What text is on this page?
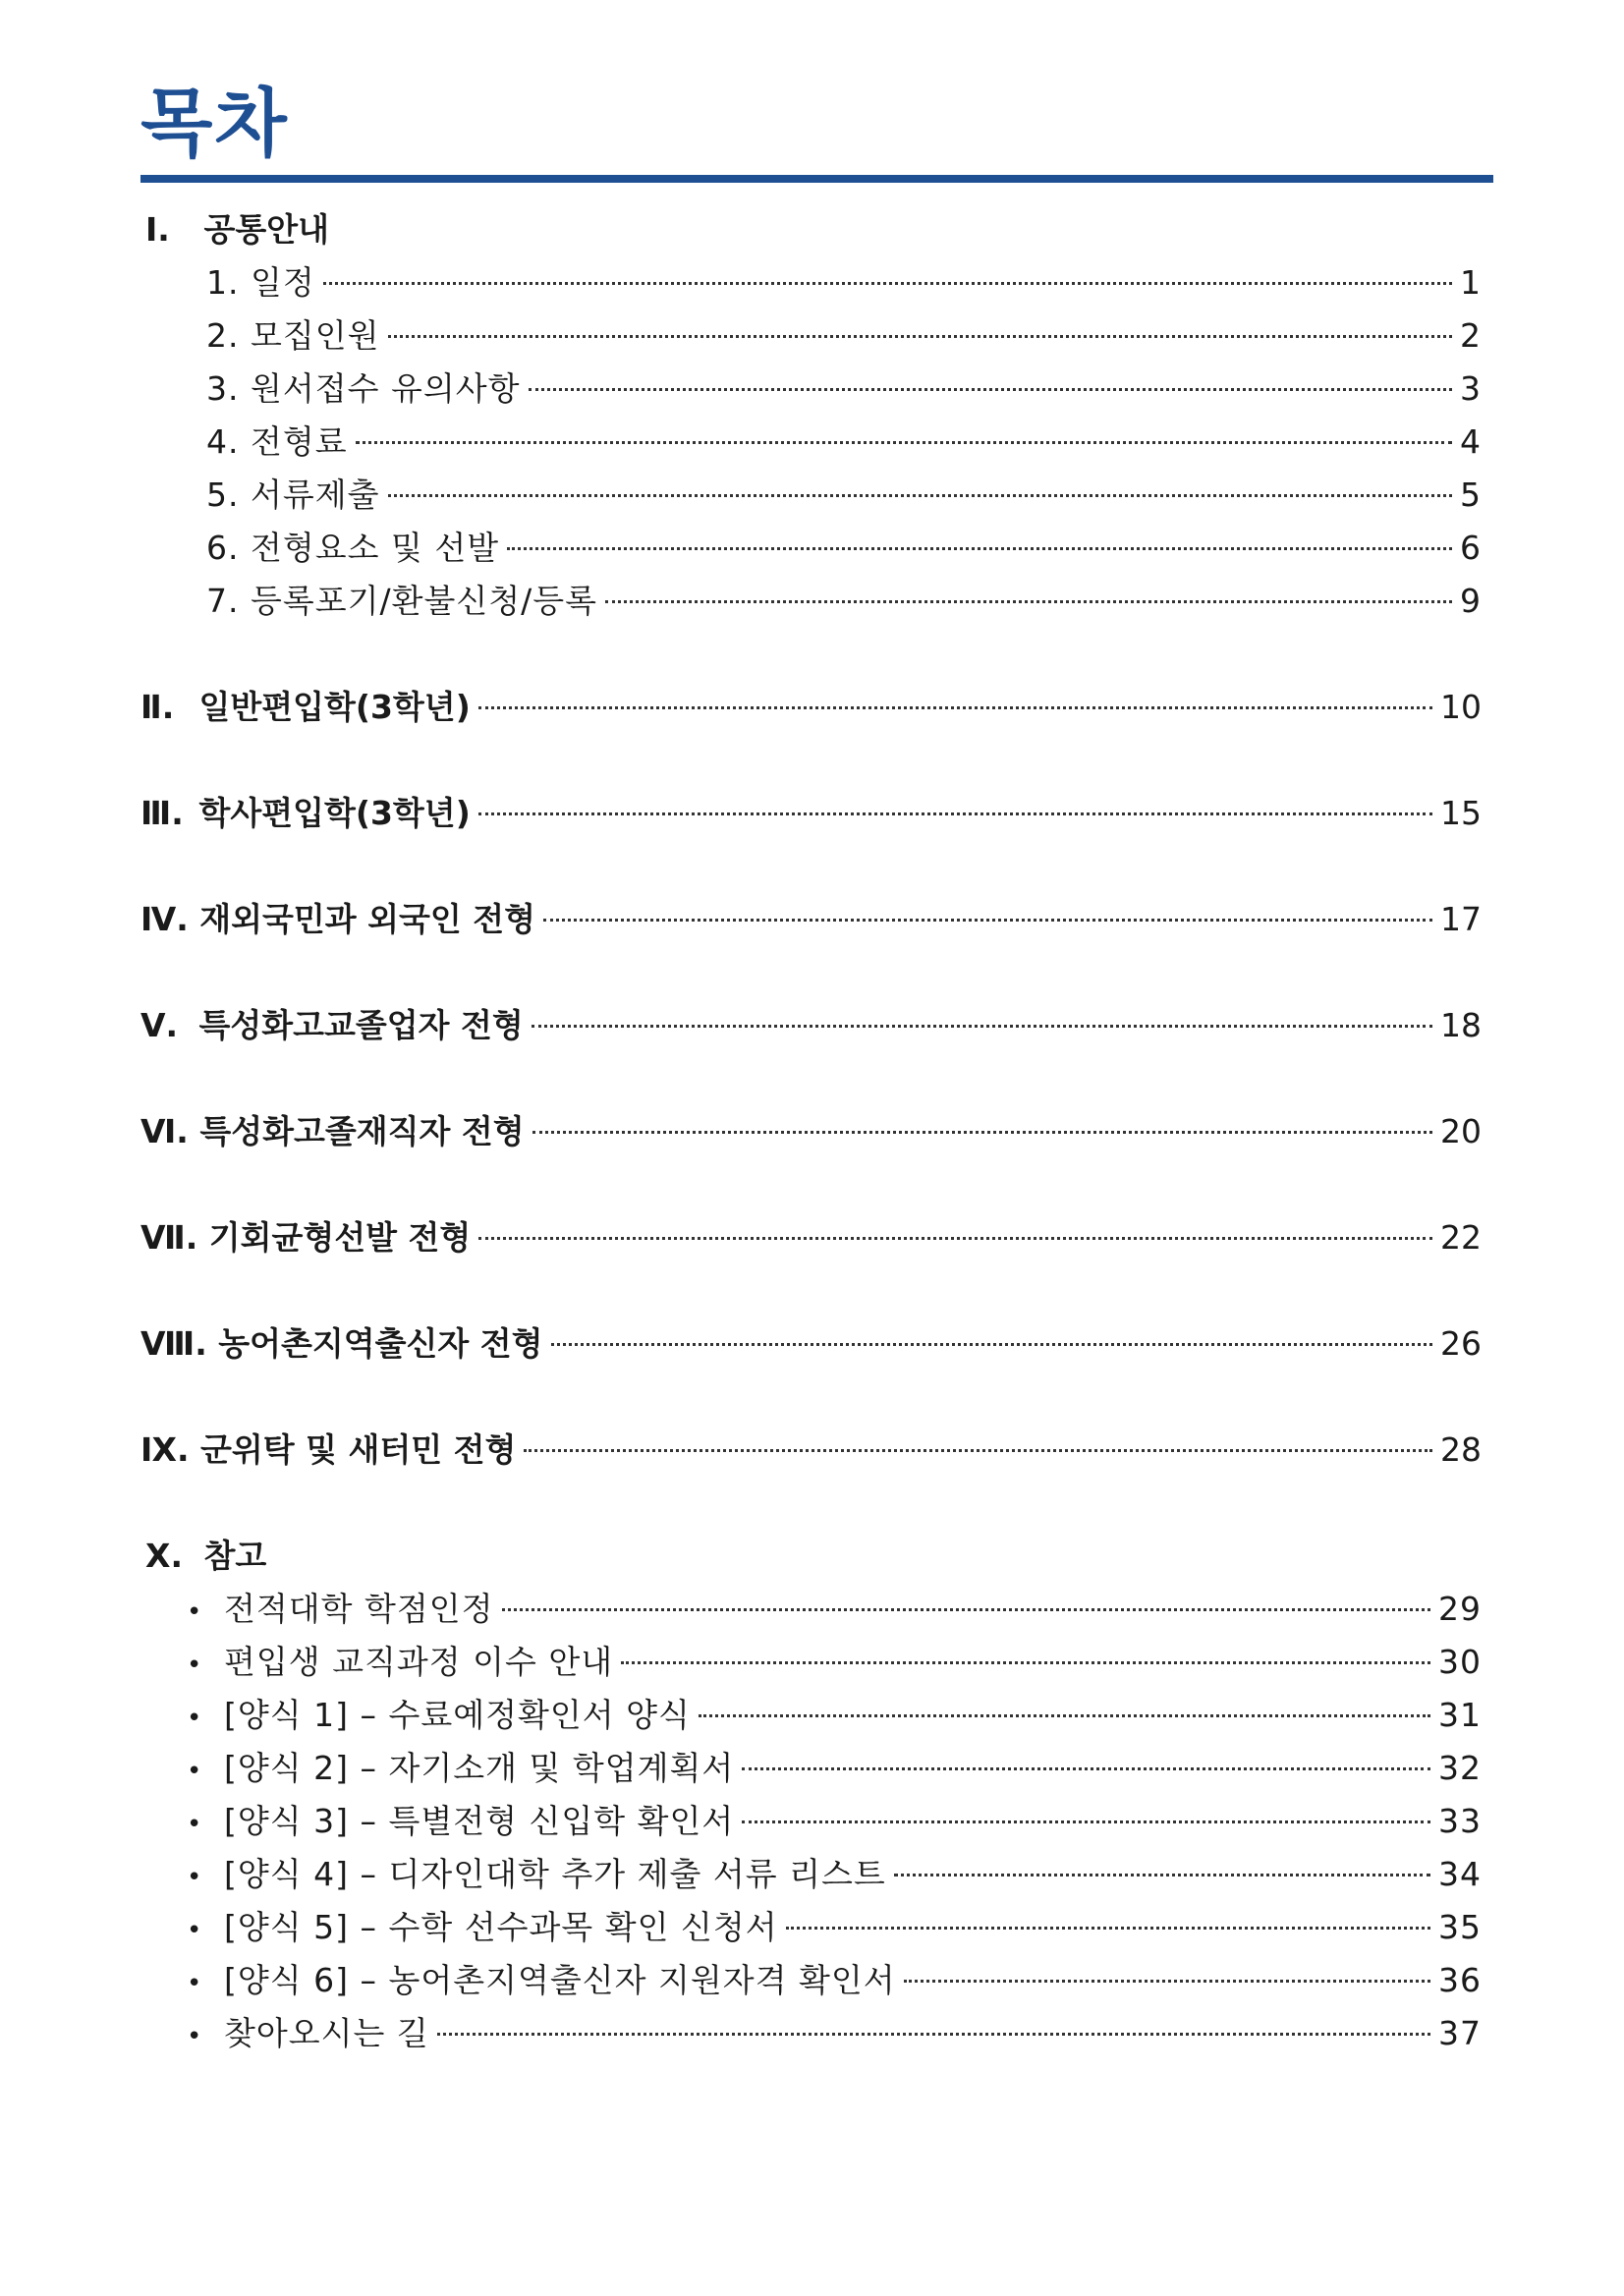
목차
Ⅰ. 공통안내
1. 일정	1
2. 모집인원	2
3. 원서접수 유의사항	3
4. 전형료	4
5. 서류제출	5
6. 전형요소 및 선발	6
7. 등록포기/환불신청/등록	9
Ⅱ. 일반편입학(3학년)	10
Ⅲ. 학사편입학(3학년)	15
Ⅳ. 재외국민과 외국인 전형	17
Ⅴ. 특성화고교졸업자 전형	18
Ⅵ. 특성화고졸재직자 전형	20
Ⅶ. 기회균형선발 전형	22
Ⅷ. 농어촌지역출신자 전형	26
Ⅸ. 군위탁 및 새터민 전형	28
Ⅹ. 참고
• 전적대학 학점인정	29
• 편입생 교직과정 이수 안내	30
• [양식 1] – 수료예정확인서 양식	31
• [양식 2] – 자기소개 및 학업계획서	32
• [양식 3] – 특별전형 신입학 확인서	33
• [양식 4] – 디자인대학 추가 제출 서류 리스트	34
• [양식 5] – 수학 선수과목 확인 신청서	35
• [양식 6] – 농어촌지역출신자 지원자격 확인서	36
• 찾아오시는 길	37
